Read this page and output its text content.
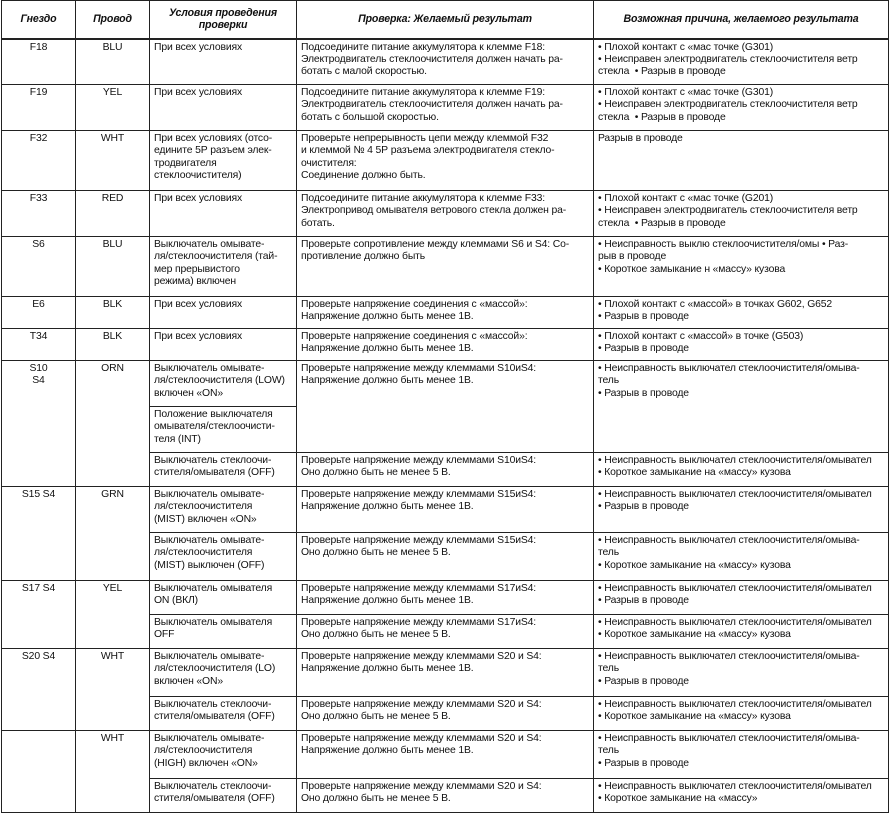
Гнездо	Провод	Условия проведения проверки	Проверка: Желаемый результат	Возможная причина, желаемого результата
F18	BLU	При всех условиях	Подсоедините питание аккумулятора к клемме F18:
Электродвигатель стеклоочистителя должен начать ра-
ботать с малой скоростью.	• Плохой контакт с «мас точке (G301)
• Неисправен электродвигатель стеклоочистителя ветр
стекла  • Разрыв в проводе

F19	YEL	При всех условиях	Подсоедините питание аккумулятора к клемме F19:
Электродвигатель стеклоочистителя должен начать ра-
ботать с большой скоростью.	• Плохой контакт с «мас точке (G301)
• Неисправен электродвигатель стеклоочистителя ветр
стекла  • Разрыв в проводе

F32	WHT	При всех условиях (отсо-
едините 5Р разъем элек-
тродвигателя
стеклоочистителя)	Проверьте непрерывность цепи между клеммой F32
и клеммой № 4 5Р разъема электродвигателя стекло-
очистителя:
Соединение должно быть.	Разрыв в проводе

F33	RED	При всех условиях	Подсоедините питание аккумулятора к клемме F33:
Электропривод омывателя ветрового стекла должен ра-
ботать.	• Плохой контакт с «мас точке (G201)
• Неисправен электродвигатель стеклоочистителя ветр
стекла  • Разрыв в проводе

S6	BLU	Выключатель омывате-
ля/стеклоочистителя (тай-
мер прерывистого
режима) включен	Проверьте сопротивление между клеммами S6 и S4: Со-
противление должно быть	• Неисправность выклю стеклоочистителя/омы • Раз-
рыв в проводе
• Короткое замыкание н «массу» кузова

E6	BLK	При всех условиях	Проверьте напряжение соединения с «массой»:
Напряжение должно быть менее 1В.	• Плохой контакт с «массой» в точках G602, G652
• Разрыв в проводе

T34	BLK	При всех условиях	Проверьте напряжение соединения с «массой»:
Напряжение должно быть менее 1В.	• Плохой контакт с «массой» в точке (G503)
• Разрыв в проводе

S10
S4	ORN	Выключатель омывате-
ля/стеклоочистителя (LOW)
включен «ON»	Проверьте напряжение между клеммами S10иS4:
Напряжение должно быть менее 1В.	• Неисправность выключател стеклоочистителя/омыва-
тель
• Разрыв в проводе

		Положение выключателя
омывателя/стеклоочисти-
теля (INT)		

		Выключатель стеклоочи-
стителя/омывателя (OFF)	Проверьте напряжение между клеммами S10иS4:
Оно должно быть не менее 5 В.	• Неисправность выключател стеклоочистителя/омывател
• Короткое замыкание на «массу» кузова

S15 S4	GRN	Выключатель омывате-
ля/стеклоочистителя
(MIST) включен «ON»	Проверьте напряжение между клеммами S15иS4:
Напряжение должно быть менее 1В.	• Неисправность выключател стеклоочистителя/омывател
• Разрыв в проводе

		Выключатель омывате-
ля/стеклоочистителя
(MIST) выключен (OFF)	Проверьте напряжение между клеммами S15иS4:
Оно должно быть не менее 5 В.	• Неисправность выключател стеклоочистителя/омыва-
тель
• Короткое замыкание на «массу» кузова

S17 S4	YEL	Выключатель омывателя
ON (ВКЛ)	Проверьте напряжение между клеммами S17иS4:
Напряжение должно быть менее 1В.	• Неисправность выключател стеклоочистителя/омывател
• Разрыв в проводе

		Выключатель омывателя
OFF	Проверьте напряжение между клеммами S17иS4:
Оно должно быть не менее 5 В.	• Неисправность выключател стеклоочистителя/омывател
• Короткое замыкание на «массу» кузова

S20 S4	WHT	Выключатель омывате-
ля/стеклоочистителя (LO)
включен «ON»	Проверьте напряжение между клеммами S20 и S4:
Напряжение должно быть менее 1В.	• Неисправность выключател стеклоочистителя/омыва-
тель
• Разрыв в проводе

		Выключатель стеклоочи-
стителя/омывателя (OFF)	Проверьте напряжение между клеммами S20 и S4:
Оно должно быть не менее 5 В.	• Неисправность выключател стеклоочистителя/омывател
• Короткое замыкание на «массу» кузова

	WHT	Выключатель омывате-
ля/стеклоочистителя
(HIGH) включен «ON»	Проверьте напряжение между клеммами S20 и S4:
Напряжение должно быть менее 1В.	• Неисправность выключател стеклоочистителя/омыва-
тель
• Разрыв в проводе

		Выключатель стеклоочи-
стителя/омывателя (OFF)	Проверьте напряжение между клеммами S20 и S4:
Оно должно быть не менее 5 В.	• Неисправность выключател стеклоочистителя/омывател
• Короткое замыкание на «массу»
